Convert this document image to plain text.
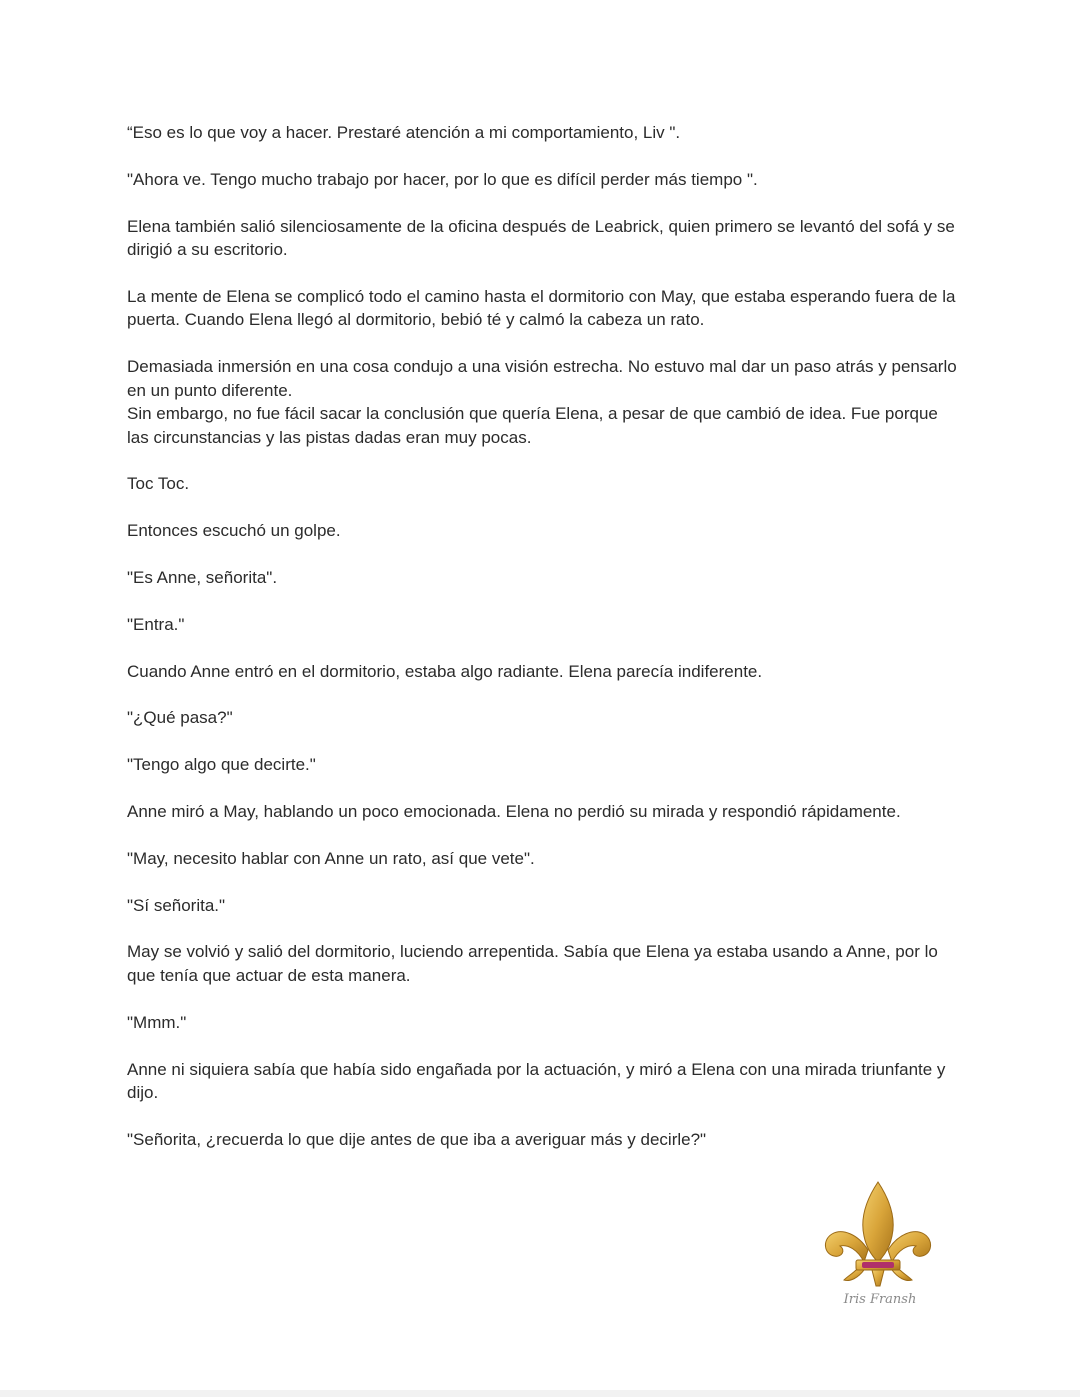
“Eso es lo que voy a hacer. Prestaré atención a mi comportamiento, Liv ".

"Ahora ve. Tengo mucho trabajo por hacer, por lo que es difícil perder más tiempo ".

Elena también salió silenciosamente de la oficina después de Leabrick, quien primero se levantó del sofá y se dirigió a su escritorio.

La mente de Elena se complicó todo el camino hasta el dormitorio con May, que estaba esperando fuera de la puerta. Cuando Elena llegó al dormitorio, bebió té y calmó la cabeza un rato.

Demasiada inmersión en una cosa condujo a una visión estrecha. No estuvo mal dar un paso atrás y pensarlo en un punto diferente.

Sin embargo, no fue fácil sacar la conclusión que quería Elena, a pesar de que cambió de idea. Fue porque las circunstancias y las pistas dadas eran muy pocas.

Toc Toc.

Entonces escuchó un golpe.

"Es Anne, señorita".

"Entra."

Cuando Anne entró en el dormitorio, estaba algo radiante. Elena parecía indiferente.

"¿Qué pasa?"

"Tengo algo que decirte."

Anne miró a May, hablando un poco emocionada. Elena no perdió su mirada y respondió rápidamente.

"May, necesito hablar con Anne un rato, así que vete".

"Sí señorita."

May se volvió y salió del dormitorio, luciendo arrepentida. Sabía que Elena ya estaba usando a Anne, por lo que tenía que actuar de esta manera.

"Mmm."

Anne ni siquiera sabía que había sido engañada por la actuación, y miró a Elena con una mirada triunfante y dijo.

"Señorita, ¿recuerda lo que dije antes de que iba a averiguar más y decirle?"

Iris Fransh
